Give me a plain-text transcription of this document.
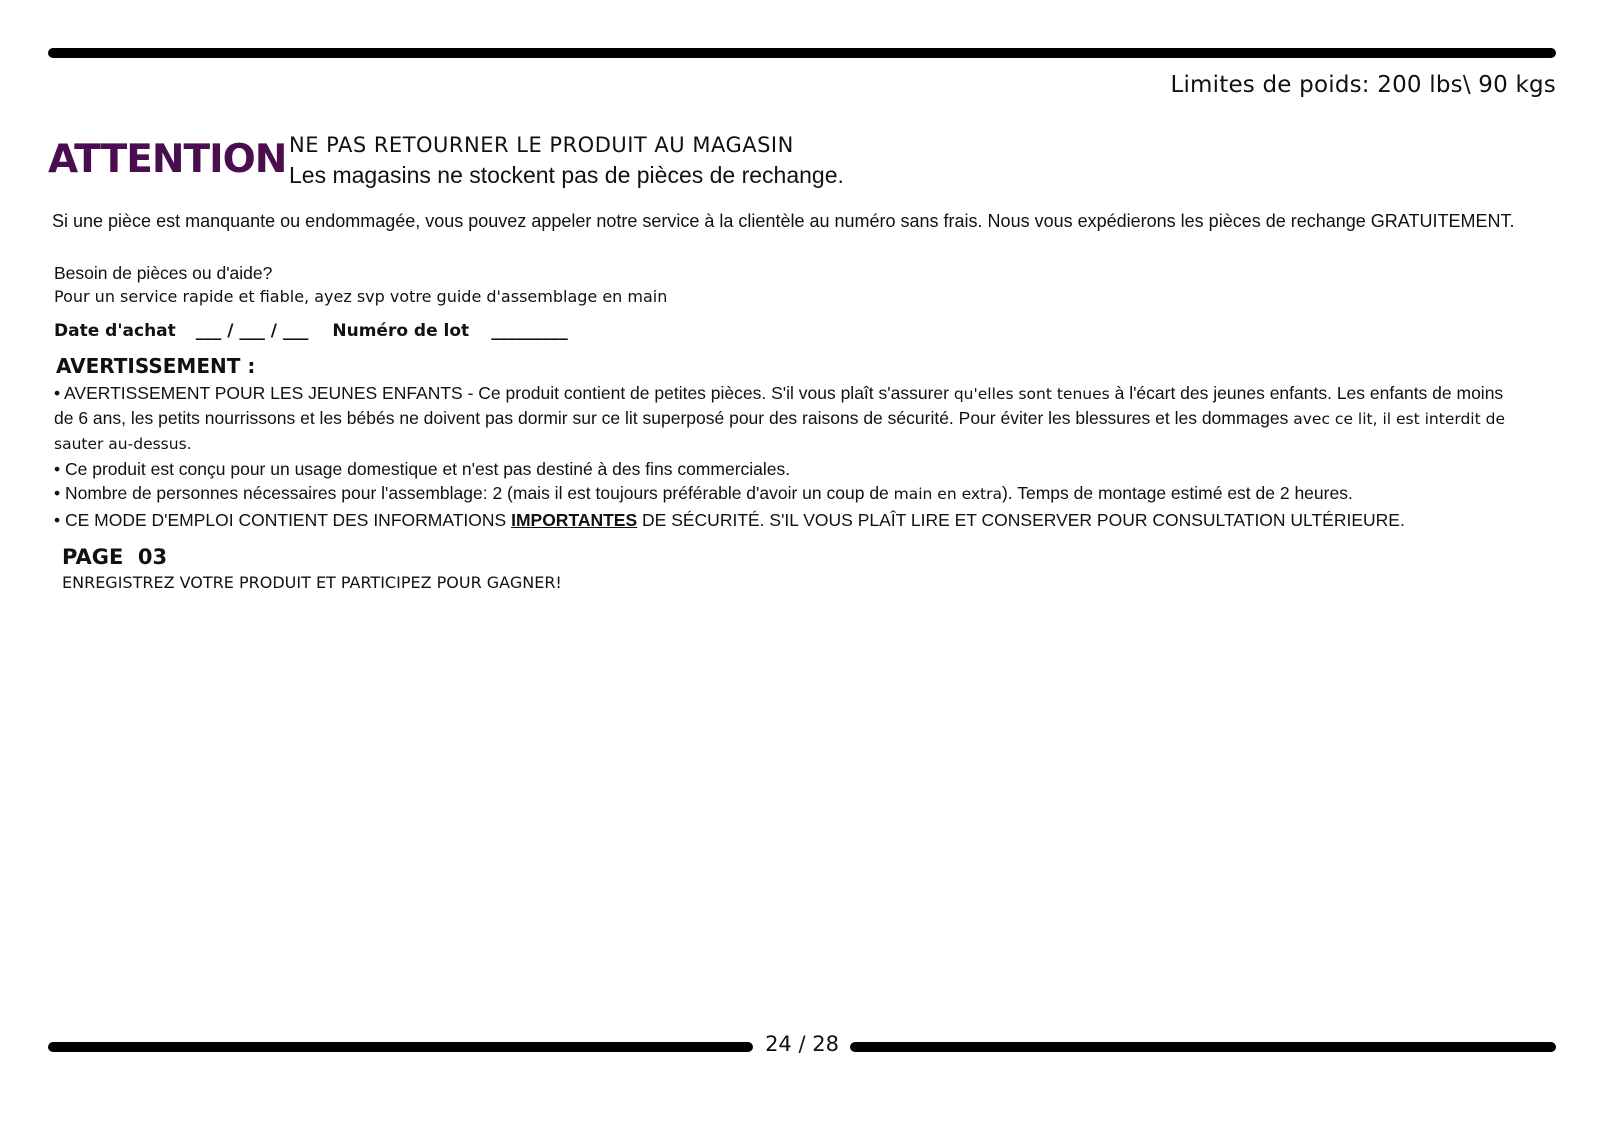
Limites de poids: 200 lbs\ 90 kgs
ATTENTION NE PAS RETOURNER LE PRODUIT AU MAGASIN
Les magasins ne stockent pas de pièces de rechange.
Si une pièce est manquante ou endommagée, vous pouvez appeler notre service à la clientèle au numéro sans frais. Nous vous expédierons les pièces de rechange GRATUITEMENT.
Besoin de pièces ou d'aide?
Pour un service rapide et fiable, ayez svp votre guide d'assemblage en main
Date d'achat ___ / ___ / ___ Numéro de lot _________
AVERTISSEMENT :

• AVERTISSEMENT POUR LES JEUNES ENFANTS - Ce produit contient de petites pièces. S'il vous plaît s'assurer qu'elles sont tenues à l'écart des jeunes enfants. Les enfants de moins de 6 ans, les petits nourrissons et les bébés ne doivent pas dormir sur ce lit superposé pour des raisons de sécurité. Pour éviter les blessures et les dommages avec ce lit, il est interdit de sauter au-dessus.

• Ce produit est conçu pour un usage domestique et n'est pas destiné à des fins commerciales.

• Nombre de personnes nécessaires pour l'assemblage: 2 (mais il est toujours préférable d'avoir un coup de main en extra). Temps de montage estimé est de 2 heures.

• CE MODE D'EMPLOI CONTIENT DES INFORMATIONS IMPORTANTES DE SÉCURITÉ. S'IL VOUS PLAÎT LIRE ET CONSERVER POUR CONSULTATION ULTÉRIEURE.

PAGE  03
ENREGISTREZ VOTRE PRODUIT ET PARTICIPEZ POUR GAGNER!
24 / 28
